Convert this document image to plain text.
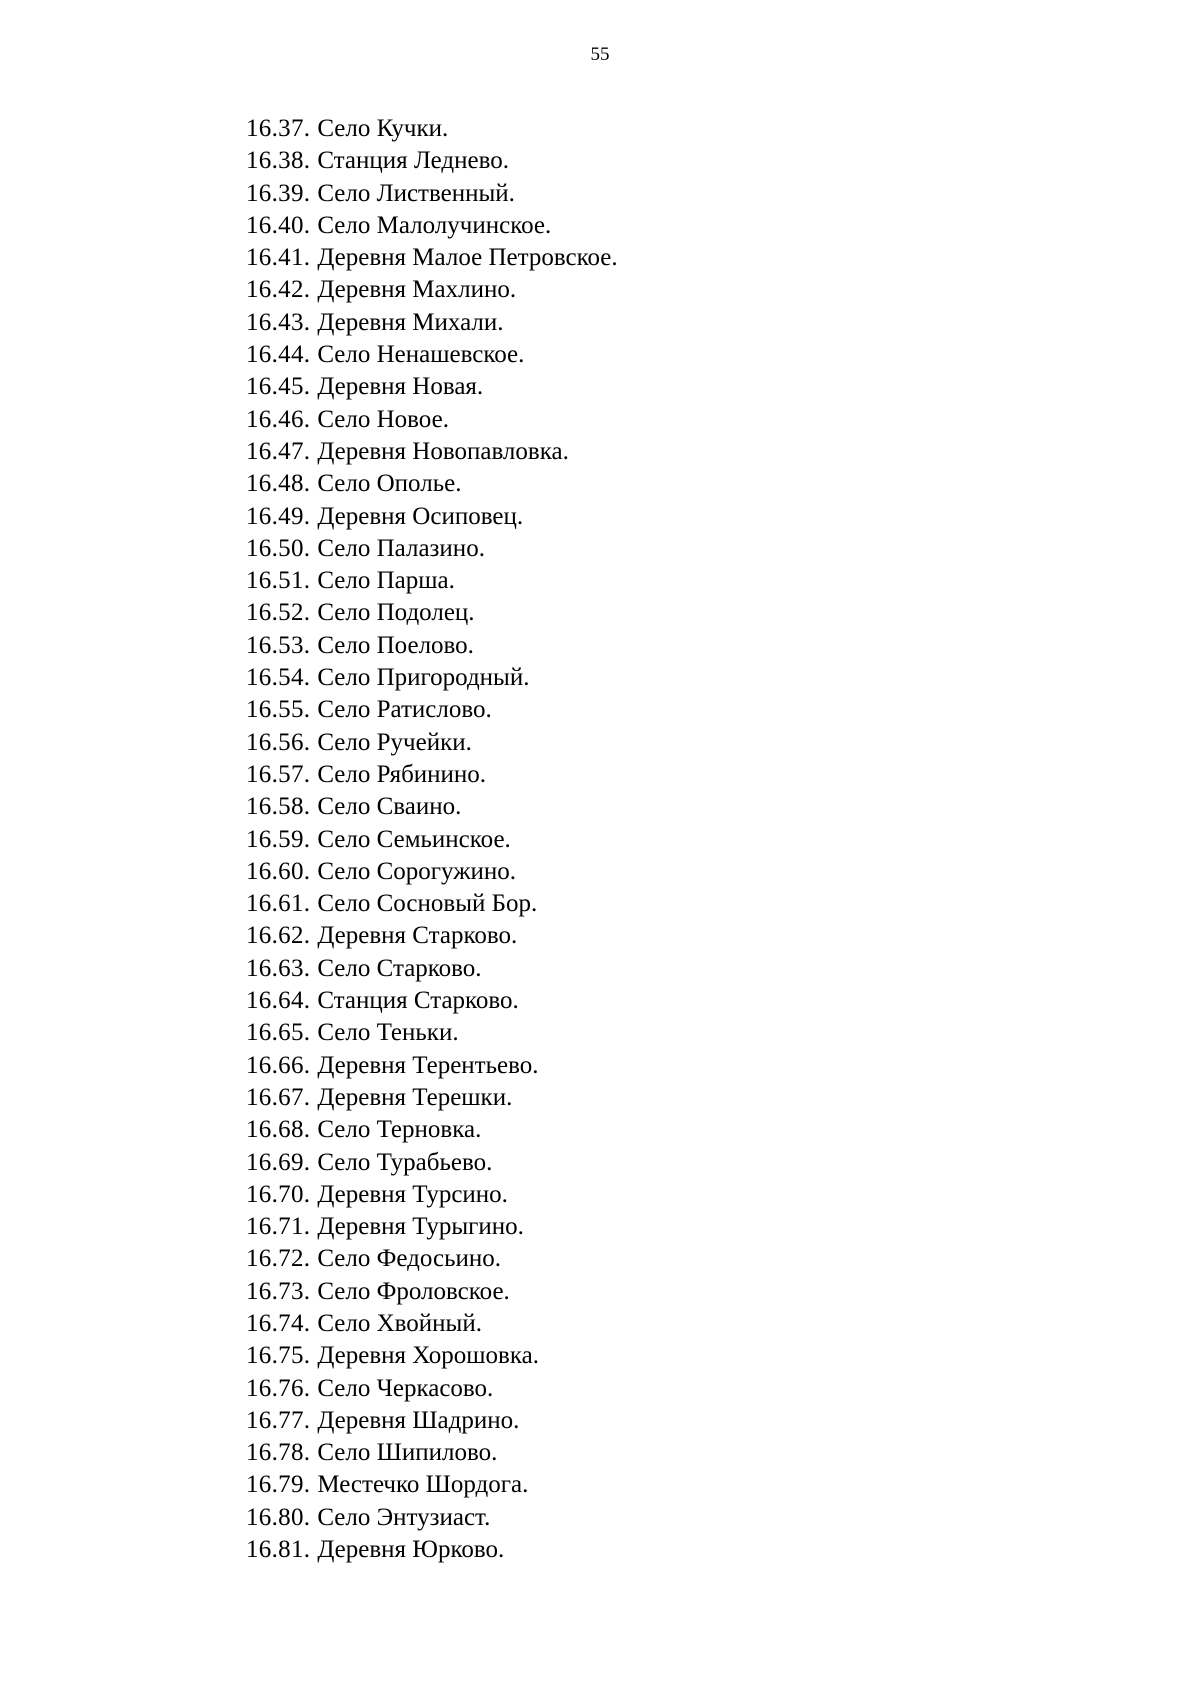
55
16.37. Село Кучки.
16.38. Станция Леднево.
16.39. Село Лиственный.
16.40. Село Малолучинское.
16.41. Деревня Малое Петровское.
16.42. Деревня Махлино.
16.43. Деревня Михали.
16.44. Село Ненашевское.
16.45. Деревня Новая.
16.46. Село Новое.
16.47. Деревня Новопавловка.
16.48. Село Ополье.
16.49. Деревня Осиповец.
16.50. Село Палазино.
16.51. Село Парша.
16.52. Село Подолец.
16.53. Село Поелово.
16.54. Село Пригородный.
16.55. Село Ратислово.
16.56. Село Ручейки.
16.57. Село Рябинино.
16.58. Село Сваино.
16.59. Село Семьинское.
16.60. Село Сорогужино.
16.61. Село Сосновый Бор.
16.62. Деревня Старково.
16.63. Село Старково.
16.64. Станция Старково.
16.65. Село Теньки.
16.66. Деревня Терентьево.
16.67. Деревня Терешки.
16.68. Село Терновка.
16.69. Село Турабьево.
16.70. Деревня Турсино.
16.71. Деревня Турыгино.
16.72. Село Федосьино.
16.73. Село Фроловское.
16.74. Село Хвойный.
16.75. Деревня Хорошовка.
16.76. Село Черкасово.
16.77. Деревня Шадрино.
16.78. Село Шипилово.
16.79. Местечко Шордога.
16.80. Село Энтузиаст.
16.81. Деревня Юрково.
